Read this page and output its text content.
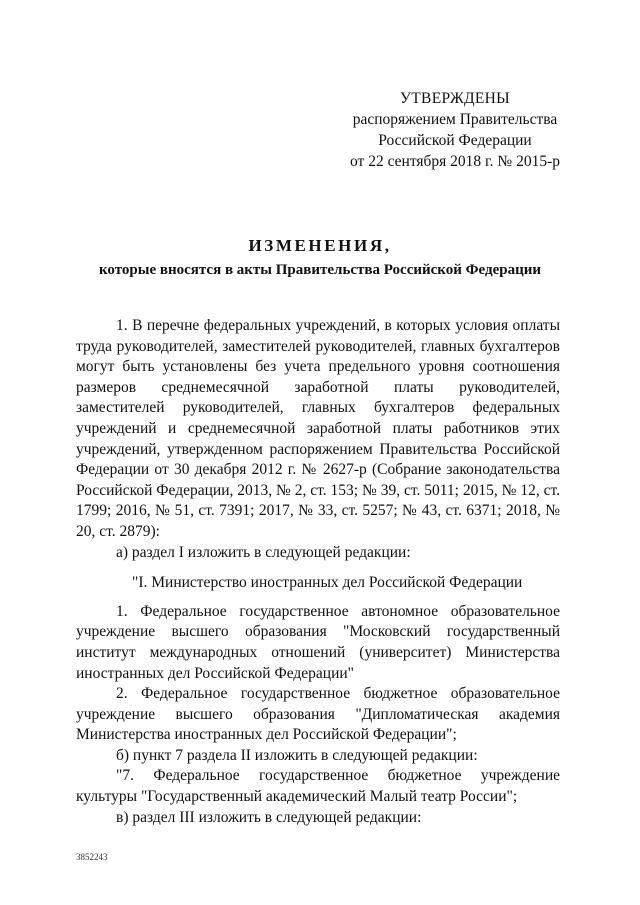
УТВЕРЖДЕНЫ
распоряжением Правительства
Российской Федерации
от 22 сентября 2018 г. № 2015-р
ИЗМЕНЕНИЯ,
которые вносятся в акты Правительства Российской Федерации

1. В перечне федеральных учреждений, в которых условия оплаты труда руководителей, заместителей руководителей, главных бухгалтеров могут быть установлены без учета предельного уровня соотношения размеров среднемесячной заработной платы руководителей, заместителей руководителей, главных бухгалтеров федеральных учреждений и среднемесячной заработной платы работников этих учреждений, утвержденном распоряжением Правительства Российской Федерации от 30 декабря 2012 г. № 2627-р (Собрание законодательства Российской Федерации, 2013, № 2, ст. 153; № 39, ст. 5011; 2015, № 12, ст. 1799; 2016, № 51, ст. 7391; 2017, № 33, ст. 5257; № 43, ст. 6371; 2018, № 20, ст. 2879):

а) раздел I изложить в следующей редакции:

"I. Министерство иностранных дел Российской Федерации

1. Федеральное государственное автономное образовательное учреждение высшего образования "Московский государственный институт международных отношений (университет) Министерства иностранных дел Российской Федерации"

2. Федеральное государственное бюджетное образовательное учреждение высшего образования "Дипломатическая академия Министерства иностранных дел Российской Федерации";

б) пункт 7 раздела II изложить в следующей редакции:

"7. Федеральное государственное бюджетное учреждение культуры "Государственный академический Малый театр России";

в) раздел III изложить в следующей редакции:

3852243
